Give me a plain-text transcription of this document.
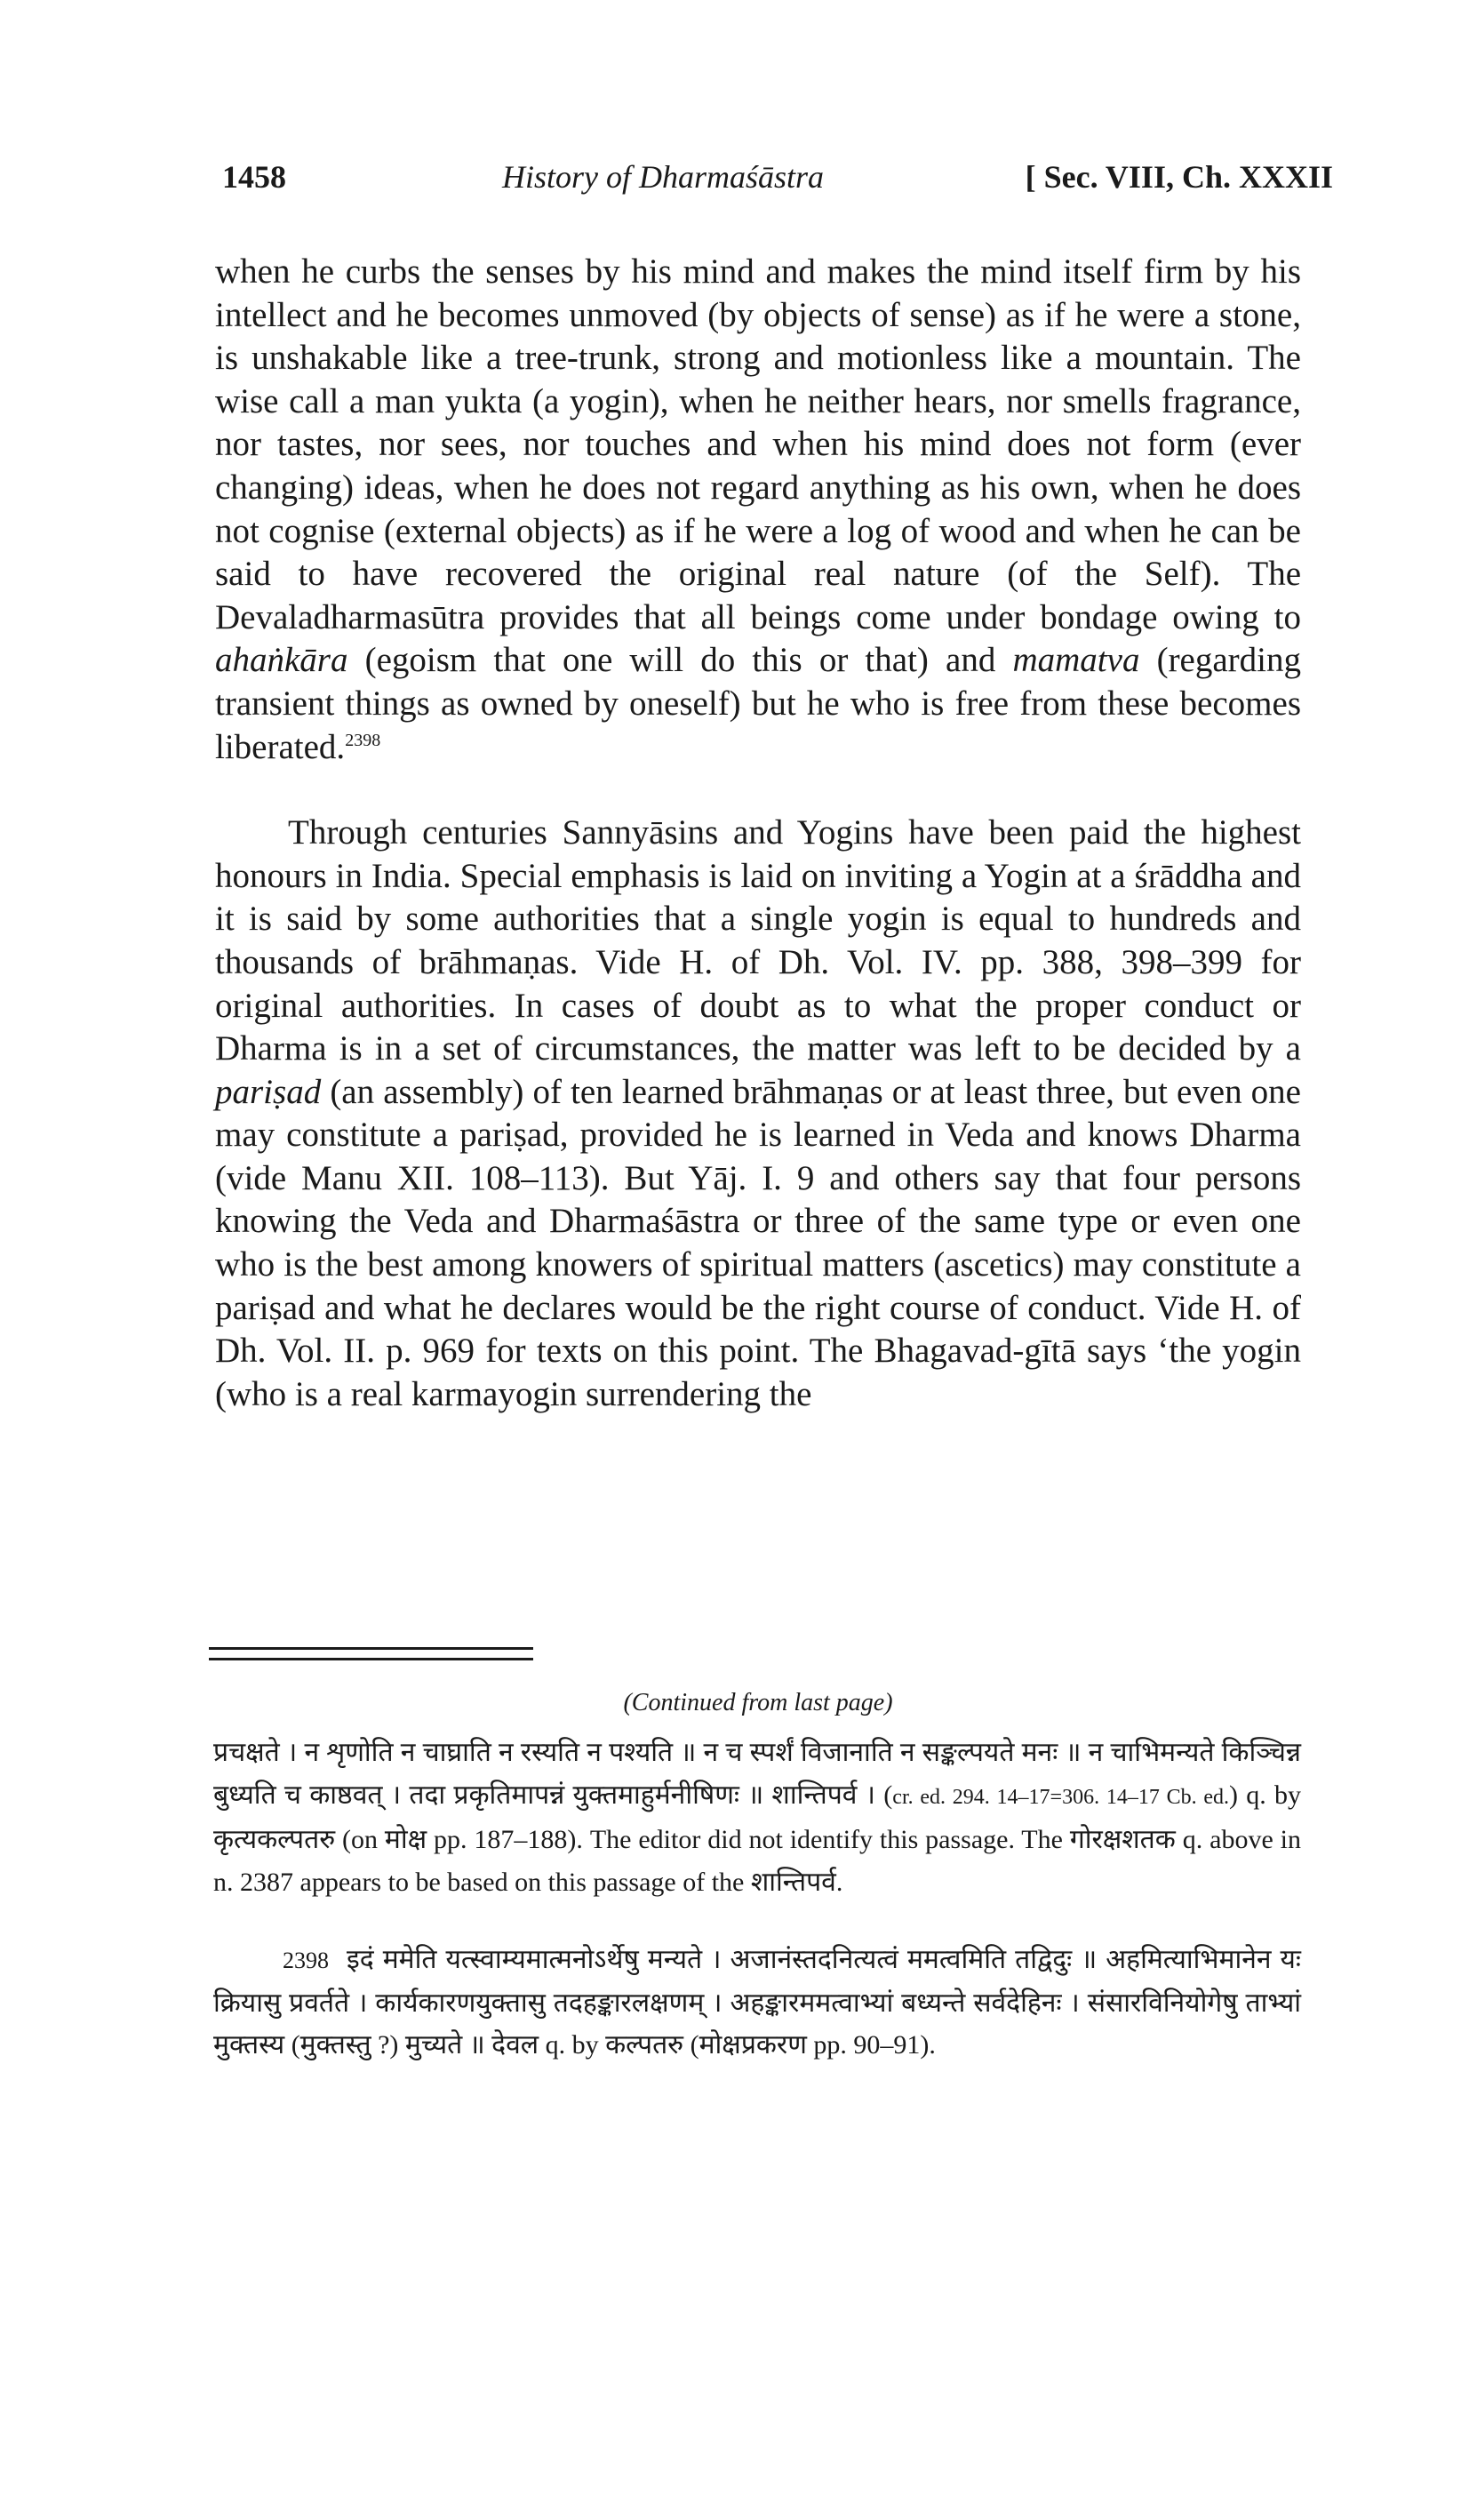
1458	History of Dharmaśāstra	[ Sec. VIII, Ch. XXXII

when he curbs the senses by his mind and makes the mind itself firm by his intellect and he becomes unmoved (by objects of sense) as if he were a stone, is unshakable like a tree-trunk, strong and motionless like a mountain. The wise call a man yukta (a yogin), when he neither hears, nor smells fragrance, nor tastes, nor sees, nor touches and when his mind does not form (ever changing) ideas, when he does not regard anything as his own, when he does not cognise (external objects) as if he were a log of wood and when he can be said to have recovered the original real nature (of the Self). The Devaladharmasūtra provides that all beings come under bondage owing to ahaṅkāra (egoism that one will do this or that) and mamatva (regarding transient things as owned by oneself) but he who is free from these becomes liberated.$^{2398}$

Through centuries Sannyāsins and Yogins have been paid the highest honours in India. Special emphasis is laid on inviting a Yogin at a śrāddha and it is said by some authorities that a single yogin is equal to hundreds and thousands of brāhmaṇas. Vide H. of Dh. Vol. IV. pp. 388, 398–399 for original authorities. In cases of doubt as to what the proper conduct or Dharma is in a set of circumstances, the matter was left to be decided by a pariṣad (an assembly) of ten learned brāhmaṇas or at least three, but even one may constitute a pariṣad, provided he is learned in Veda and knows Dharma (vide Manu XII. 108–113). But Yāj. I. 9 and others say that four persons knowing the Veda and Dharmaśāstra or three of the same type or even one who is the best among knowers of spiritual matters (ascetics) may constitute a pariṣad and what he declares would be the right course of conduct. Vide H. of Dh. Vol. II. p. 969 for texts on this point. The Bhagavad-gītā says ‘the yogin (who is a real karmayogin surrendering the

(Continued from last page)

प्रचक्षते । न शृणोति न चाघ्राति न रस्यति न पश्यति ॥ न च स्पर्शं विजानाति न सङ्कल्पयते मनः ॥ न चाभिमन्यते किञ्चिन्न बुध्यति च काष्ठवत् । तदा प्रकृतिमापन्नं युक्तमाहुर्मनीषिणः ॥ शान्तिपर्व । (cr. ed. 294. 14–17=306. 14–17 Cb. ed.) q. by कृत्यकल्पतरु (on मोक्ष pp. 187–188). The editor did not identify this passage. The गोरक्षशतक q. above in n. 2387 appears to be based on this passage of the शान्तिपर्व.

2398 इदं ममेति यत्स्वाम्यमात्मनोऽर्थेषु मन्यते । अजानंस्तदनित्यत्वं ममत्वमिति तद्विदुः ॥ अहमित्याभिमानेन यः क्रियासु प्रवर्तते । कार्यकारणयुक्तासु तदहङ्कारलक्षणम् । अहङ्कारममत्वाभ्यां बध्यन्ते सर्वदेहिनः । संसारविनियोगेषु ताभ्यां मुक्तस्य (मुक्तस्तु ?) मुच्यते ॥ देवल q. by कल्पतरु (मोक्षप्रकरण pp. 90–91).
